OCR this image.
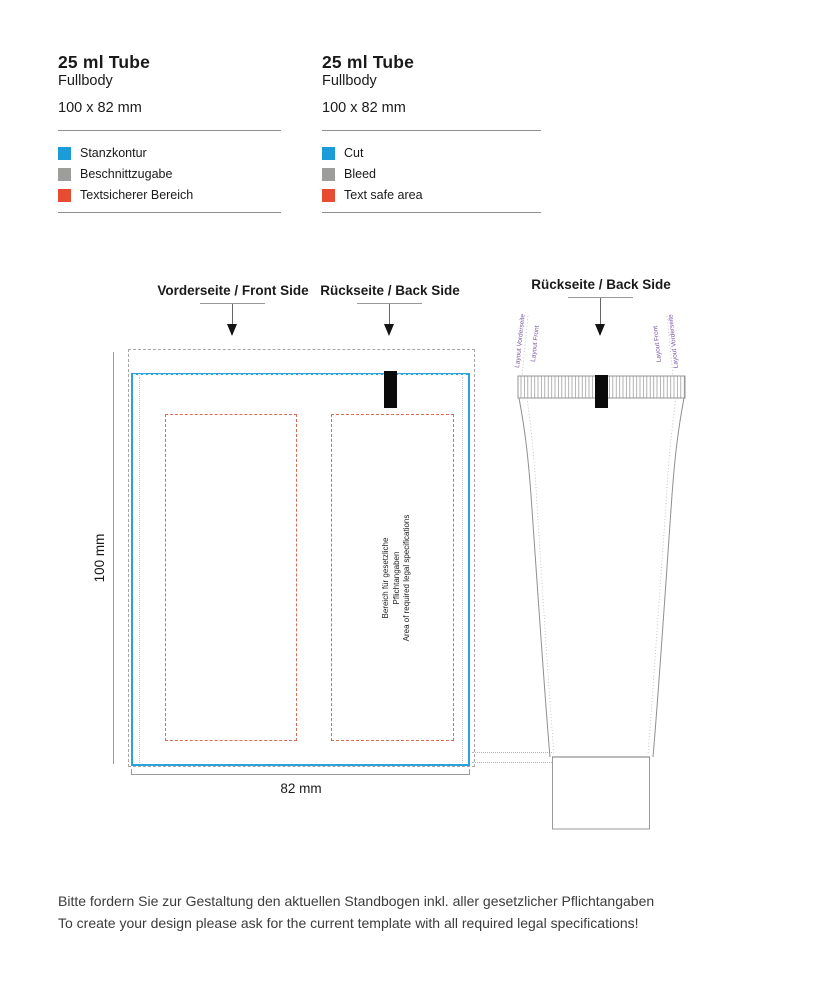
25 ml Tube
Fullbody
100 x 82 mm
Stanzkontur
Beschnittzugabe
Textsicherer Bereich
25 ml Tube
Fullbody
100 x 82 mm
Cut
Bleed
Text safe area
Vorderseite / Front Side Rückseite / Back Side	Rückseite / Back Side
Bereich für gesetzliche Pflichtangaben Area of required legal specifications
100 mm
82 mm
Layout Vorderseite Layout Front	Layout Front Layout Vorderseite
Bitte fordern Sie zur Gestaltung den aktuellen Standbogen inkl. aller gesetzlicher Pflichtangaben
To create your design please ask for the current template with all required legal specifications!
